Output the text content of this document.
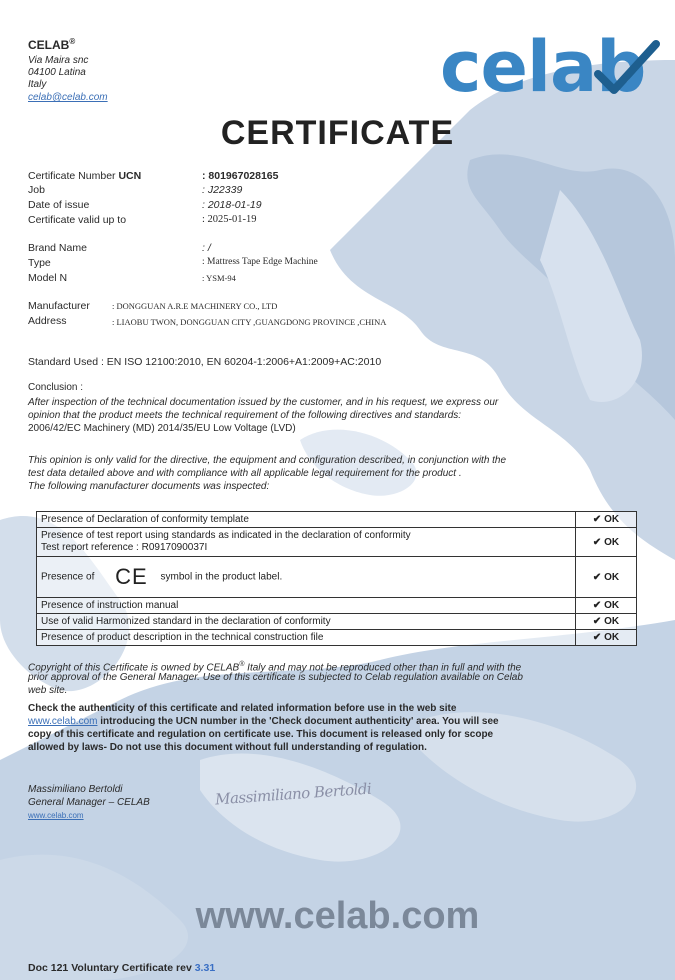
CELAB®
Via Maira snc
04100 Latina
Italy
celab@celab.com	celab
CERTIFICATE
Certificate Number UCN	: 801967028165
Job	: J22339
Date of issue	: 2018-01-19
Certificate valid up to	: 2025-01-19
Brand Name	: /
Type	: Mattress Tape Edge Machine
Model N	: YSM-94
Manufacturer	: DONGGUAN A.R.E MACHINERY CO., LTD
Address	: LIAOBU TWON, DONGGUAN CITY ,GUANGDONG PROVINCE ,CHINA
Standard Used : EN ISO 12100:2010, EN 60204-1:2006+A1:2009+AC:2010
Conclusion :
After inspection of the technical documentation issued by the customer, and in his request, we express our
opinion that the product meets the technical requirement of the following directives and standards:
2006/42/EC Machinery (MD) 2014/35/EU Low Voltage (LVD)
This opinion is only valid for the directive, the equipment and configuration described, in conjunction with the
test data detailed above and with compliance with all applicable legal requirement for the product .
The following manufacturer documents was inspected:
Presence of Declaration of conformity template	✔ OK

Presence of test report using standards as indicated in the declaration of conformity
Test report reference : R0917090037I	✔ OK
Presence of CE symbol in the product label.	✔ OK
Presence of instruction manual	✔ OK
Use of valid Harmonized standard in the declaration of conformity	✔ OK
Presence of product description in the technical construction file	✔ OK
Copyright of this Certificate is owned by CELAB® Italy and may not be reproduced other than in full and with the
prior approval of the General Manager. Use of this certificate is subjected to Celab regulation available on Celab
web site.
Check the authenticity of this certificate and related information before use in the web site
www.celab.com introducing the UCN number in the 'Check document authenticity' area. You will see
copy of this certificate and regulation on certificate use. This document is released only for scope
allowed by laws- Do not use this document without full understanding of regulation.
Massimiliano Bertoldi
General Manager – CELAB
www.celab.com
Massimiliano Bertoldi
www.celab.com
Doc 121 Voluntary Certificate rev 3.31
